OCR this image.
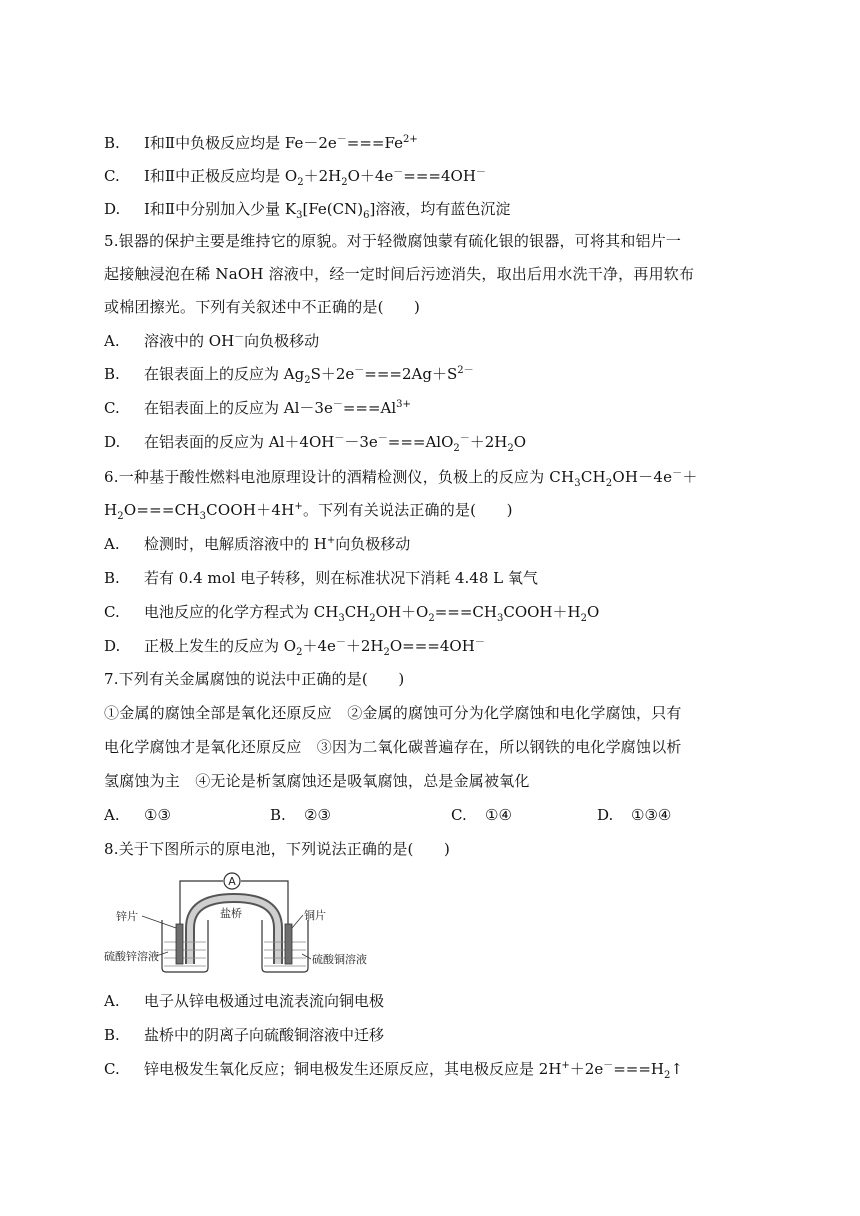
B. Ⅰ和Ⅱ中负极反应均是 $Fe-2e^-===Fe^{2+}$
C. Ⅰ和Ⅱ中正极反应均是 $O_2+2H_2O+4e^-===4OH^-$
D. Ⅰ和Ⅱ中分别加入少量 $K_3[Fe(CN)_6]$溶液，均有蓝色沉淀
5.银器的保护主要是维持它的原貌。对于轻微腐蚀蒙有硫化银的银器，可将其和铝片一
起接触浸泡在稀 NaOH 溶液中，经一定时间后污迹消失，取出后用水洗干净，再用软布
或棉团擦光。下列有关叙述中不正确的是(　　)
A. 溶液中的 OH－向负极移动
B. 在银表面上的反应为 $Ag_2S+2e^-===2Ag+S^{2-}$
C. 在铝表面上的反应为 $Al-3e^-===Al^{3+}$
D. 在铝表面的反应为 $Al+4OH^--3e^-===AlO_2^-+2H_2O$
6.一种基于酸性燃料电池原理设计的酒精检测仪，负极上的反应为 $CH_3CH_2OH-4e^-+$
$H_2O===CH_3COOH+4H^+$。下列有关说法正确的是(　　)
A. 检测时，电解质溶液中的 H+向负极移动
B. 若有 0.4 mol 电子转移，则在标准状况下消耗 4.48 L 氧气
C. 电池反应的化学方程式为 $CH_3CH_2OH+O_2===CH_3COOH+H_2O$
D. 正极上发生的反应为 $O_2+4e^-+2H_2O===4OH^-$
7.下列有关金属腐蚀的说法中正确的是(　　)
①金属的腐蚀全部是氧化还原反应　②金属的腐蚀可分为化学腐蚀和电化学腐蚀，只有
电化学腐蚀才是氧化还原反应　③因为二氧化碳普遍存在，所以钢铁的电化学腐蚀以析
氢腐蚀为主　④无论是析氢腐蚀还是吸氧腐蚀，总是金属被氧化
A. ①③	B. ②③	C. ①④	D. ①③④
8.关于下图所示的原电池，下列说法正确的是(　　)
A
盐桥
锌片	铜片
硫酸锌溶液	硫酸铜溶液
A. 电子从锌电极通过电流表流向铜电极
B. 盐桥中的阴离子向硫酸铜溶液中迁移
C. 锌电极发生氧化反应；铜电极发生还原反应，其电极反应是 $2H^++2e^-===H_2↑$
